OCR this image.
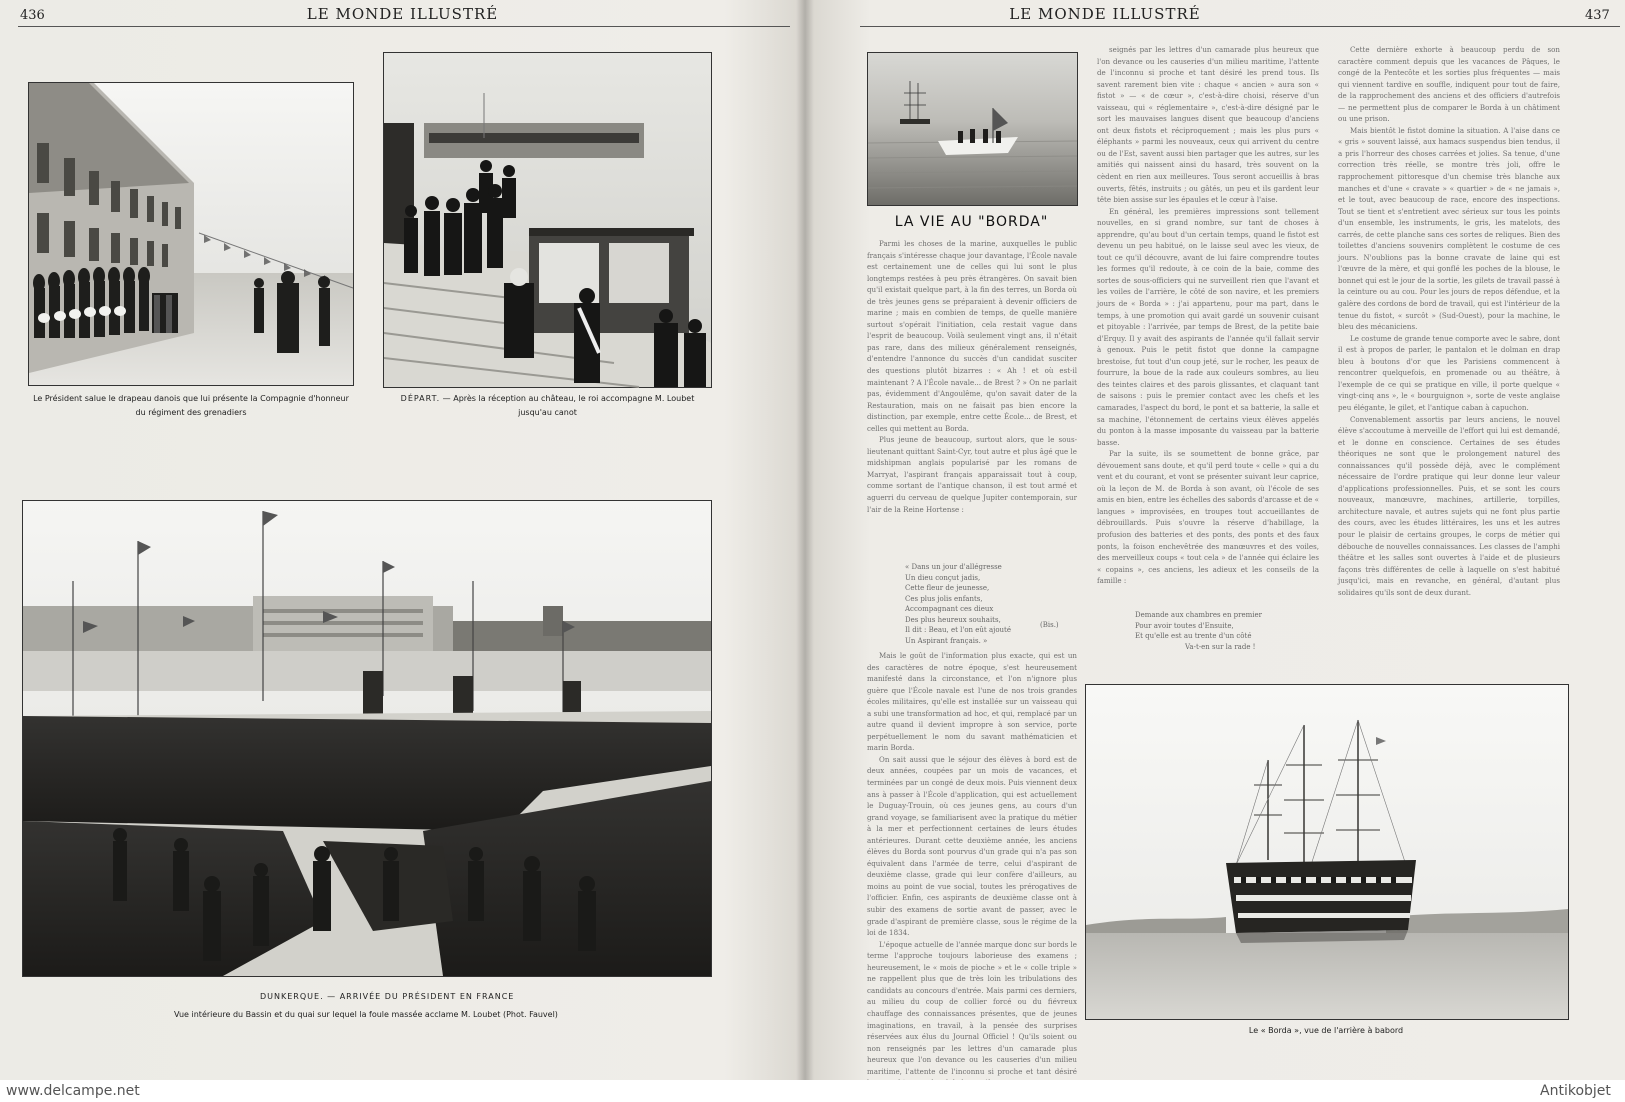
436	LE MONDE ILLUSTRÉ
Le Président salue le drapeau danois que lui présente la Compagnie d'honneur du régiment des grenadiers
DÉPART. — Après la réception au château, le roi accompagne M. Loubet jusqu'au canot
DUNKERQUE. — ARRIVÉE DU PRÉSIDENT EN FRANCE
Vue intérieure du Bassin et du quai sur lequel la foule massée acclame M. Loubet (Phot. Fauvel)
LE MONDE ILLUSTRÉ	437
LA VIE AU "BORDA"

Parmi les choses de la marine, auxquelles le public français s'intéresse chaque jour davantage, l'École navale est certainement une de celles qui lui sont le plus longtemps restées à peu près étrangères. On savait bien qu'il existait quelque part, à la fin des terres, un Borda où de très jeunes gens se préparaient à devenir officiers de marine ; mais en combien de temps, de quelle manière surtout s'opérait l'initiation, cela restait vague dans l'esprit de beaucoup. Voilà seulement vingt ans, il n'était pas rare, dans des milieux généralement renseignés, d'entendre l'annonce du succès d'un candidat susciter des questions plutôt bizarres : « Ah ! et où est-il maintenant ? A l'École navale... de Brest ? » On ne parlait pas, évidemment d'Angoulême, qu'on savait dater de la Restauration, mais on ne faisait pas bien encore la distinction, par exemple, entre cette École... de Brest, et celles qui mettent au Borda.

Plus jeune de beaucoup, surtout alors, que le sous-lieutenant quittant Saint-Cyr, tout autre et plus âgé que le midshipman anglais popularisé par les romans de Marryat, l'aspirant français apparaissait tout à coup, comme sortant de l'antique chanson, il est tout armé et aguerri du cerveau de quelque Jupiter contemporain, sur l'air de la Reine Hortense :

« Dans un jour d'allégresse
Un dieu conçut jadis,
Cette fleur de jeunesse,
Ces plus jolis enfants,
Accompagnant ces dieux
Des plus heureux souhaits,
Il dit : Beau, et l'on eût ajouté
Un Aspirant français. »
(Bis.)

Mais le goût de l'information plus exacte, qui est un des caractères de notre époque, s'est heureusement manifesté dans la circonstance, et l'on n'ignore plus guère que l'École navale est l'une de nos trois grandes écoles militaires, qu'elle est installée sur un vaisseau qui a subi une transformation ad hoc, et qui, remplacé par un autre quand il devient impropre à son service, porte perpétuellement le nom du savant mathématicien et marin Borda.

On sait aussi que le séjour des élèves à bord est de deux années, coupées par un mois de vacances, et terminées par un congé de deux mois. Puis viennent deux ans à passer à l'École d'application, qui est actuellement le Duguay-Trouin, où ces jeunes gens, au cours d'un grand voyage, se familiarisent avec la pratique du métier à la mer et perfectionnent certaines de leurs études antérieures. Durant cette deuxième année, les anciens élèves du Borda sont pourvus d'un grade qui n'a pas son équivalent dans l'armée de terre, celui d'aspirant de deuxième classe, grade qui leur confère d'ailleurs, au moins au point de vue social, toutes les prérogatives de l'officier. Enfin, ces aspirants de deuxième classe ont à subir des examens de sortie avant de passer, avec le grade d'aspirant de première classe, sous le régime de la loi de 1834.

L'époque actuelle de l'année marque donc sur bords le terme l'approche toujours laborieuse des examens ; heureusement, le « mois de pioche » et le « colle triple » ne rappellent plus que de très loin les tribulations des candidats au concours d'entrée. Mais parmi ces derniers, au milieu du coup de collier forcé ou du fiévreux chauffage des connaissances présentes, que de jeunes imaginations, en travail, à la pensée des surprises réservées aux élus du Journal Officiel ! Qu'ils soient ou non renseignés par les lettres d'un camarade plus heureux que l'on devance ou les causeries d'un milieu maritime, l'attente de l'inconnu si proche et tant désiré

seignés par les lettres d'un camarade plus heureux que l'on devance ou les causeries d'un milieu maritime, l'attente de l'inconnu si proche et tant désiré les prend tous. Ils savent rarement bien vite : chaque « ancien » aura son « fistot » — « de cœur », c'est-à-dire choisi, réserve d'un vaisseau, qui « réglementaire », c'est-à-dire désigné par le sort les mauvaises langues disent que beaucoup d'anciens ont deux fistots et réciproquement ; mais les plus purs « éléphants » parmi les nouveaux, ceux qui arrivent du centre ou de l'Est, savent aussi bien partager que les autres, sur les amitiés qui naissent ainsi du hasard, très souvent on la cèdent en rien aux meilleures. Tous seront accueillis à bras ouverts, fêtés, instruits ; ou gâtés, un peu et ils gardent leur tête bien assise sur les épaules et le cœur à l'aise.

En général, les premières impressions sont tellement nouvelles, en si grand nombre, sur tant de choses à apprendre, qu'au bout d'un certain temps, quand le fistot est devenu un peu habitué, on le laisse seul avec les vieux, de tout ce qu'il découvre, avant de lui faire comprendre toutes les formes qu'il redoute, à ce coin de la baie, comme des sortes de sous-officiers qui ne surveillent rien que l'avant et les voiles de l'arrière, le côté de son navire, et les premiers jours de « Borda » : j'ai appartenu, pour ma part, dans le temps, à une promotion qui avait gardé un souvenir cuisant et pitoyable : l'arrivée, par temps de Brest, de la petite baie d'Erquy. Il y avait des aspirants de l'année qu'il fallait servir à genoux. Puis le petit fistot que donne la campagne brestoise, fut tout d'un coup jeté, sur le rocher, les peaux de fourrure, la boue de la rade aux couleurs sombres, au lieu des teintes claires et des parois glissantes, et claquant tant de saisons : puis le premier contact avec les chefs et les camarades, l'aspect du bord, le pont et sa batterie, la salle et sa machine, l'étonnement de certains vieux élèves appelés du ponton à la masse imposante du vaisseau par la batterie basse.

Par la suite, ils se soumettent de bonne grâce, par dévouement sans doute, et qu'il perd toute « celle » qui a du vent et du courant, et vont se présenter suivant leur caprice, où la leçon de M. de Borda à son avant, où l'école de ses amis en bien, entre les échelles des sabords d'arcasse et de « langues » improvisées, en troupes tout accueillantes de débrouillards. Puis s'ouvre la réserve d'habillage, la profusion des batteries et des ponts, des ponts et des faux ponts, la foison enchevêtrée des manœuvres et des voiles, des merveilleux coups « tout cela » de l'année qui éclaire les « copains », ces anciens, les adieux et les conseils de la famille :

Demande aux chambres en premier
Pour avoir toutes d'Ensuite,
Et qu'elle est au trente d'un côté
Va-t-en sur la rade !

Cette dernière exhorte à beaucoup perdu de son caractère comment depuis que les vacances de Pâques, le congé de la Pentecôte et les sorties plus fréquentes — mais qui viennent tardive en souffle, indiquent pour tout de faire, de la rapprochement des anciens et des officiers d'autrefois — ne permettent plus de comparer le Borda à un châtiment ou une prison.

Mais bientôt le fistot domine la situation. A l'aise dans ce « gris » souvent laissé, aux hamacs suspendus bien tendus, il a pris l'horreur des choses carrées et jolies. Sa tenue, d'une correction très réelle, se montre très joli, offre le rapprochement pittoresque d'un chemise très blanche aux manches et d'une « cravate » « quartier » de « ne jamais », et le tout, avec beaucoup de race, encore des inspections. Tout se tient et s'entretient avec sérieux sur tous les points d'un ensemble, les instruments, le gris, les matelots, des carrés, de cette planche sans ces sortes de reliques. Bien des toilettes d'anciens souvenirs complètent le costume de ces jours. N'oublions pas la bonne cravate de laine qui est l'œuvre de la mère, et qui gonflé les poches de la blouse, le bonnet qui est le jour de la sortie, les gilets de travail passé à la ceinture ou au cou. Pour les jours de repos défendue, et la galère des cordons de bord de travail, qui est l'intérieur de la tenue du fistot, « surcôt » (Sud-Ouest), pour la machine, le bleu des mécaniciens.

Le costume de grande tenue comporte avec le sabre, dont il est à propos de parler, le pantalon et le dolman en drap bleu à boutons d'or que les Parisiens commencent à rencontrer quelquefois, en promenade ou au théâtre, à l'exemple de ce qui se pratique en ville, il porte quelque « vingt-cinq ans », le « bourguignon », sorte de veste anglaise peu élégante, le gilet, et l'antique caban à capuchon.

Convenablement assortis par leurs anciens, le nouvel élève s'accoutume à merveille de l'effort qui lui est demandé, et le donne en conscience. Certaines de ses études théoriques ne sont que le prolongement naturel des connaissances qu'il possède déjà, avec le complément nécessaire de l'ordre pratique qui leur donne leur valeur d'applications professionnelles. Puis, et se sont les cours nouveaux, manœuvre, machines, artillerie, torpilles, architecture navale, et autres sujets qui ne font plus partie des cours, avec les études littéraires, les uns et les autres pour le plaisir de certains groupes, le corps de métier qui débouche de nouvelles connaissances. Les classes de l'amphi théâtre et les salles sont ouvertes à l'aide et de plusieurs façons très différentes de celle à laquelle on s'est habitué jusqu'ici, mais en revanche, en général, d'autant plus solidaires qu'ils sont de deux durant.

Le « Borda », vue de l'arrière à babord
www.delcampe.net	Antikobjet
